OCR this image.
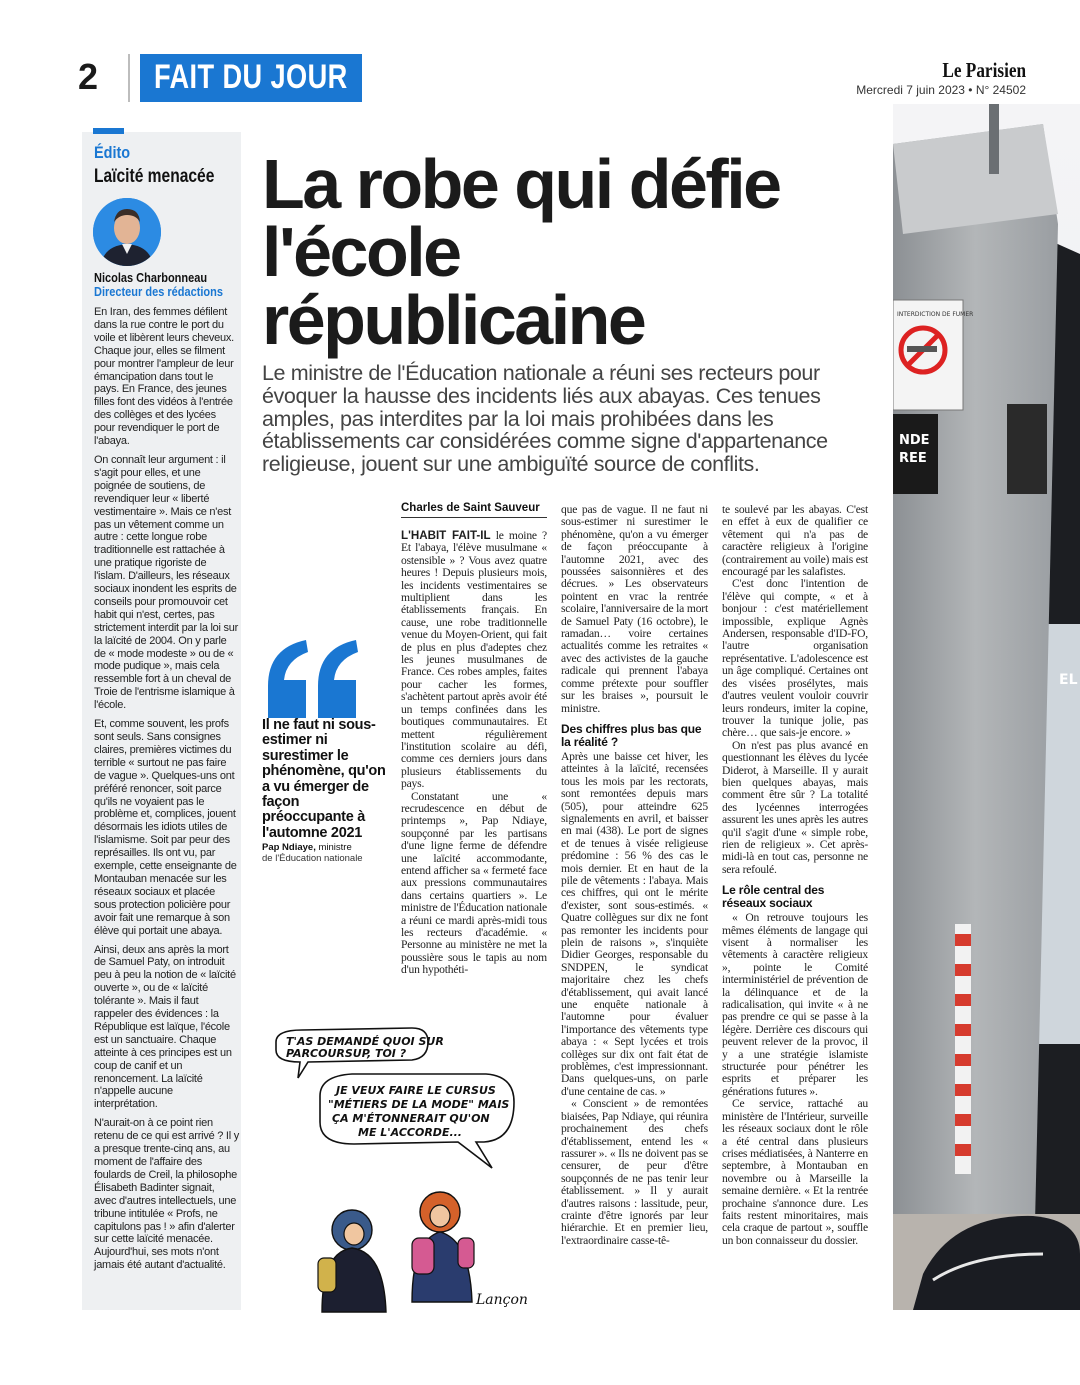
2 FAIT DU JOUR	Le Parisien
Mercredi 7 juin 2023 • N° 24502
Édito
Laïcité menacée
Nicolas Charbonneau
Directeur des rédactions

En Iran, des femmes défilent dans la rue contre le port du voile et libèrent leurs cheveux. Chaque jour, elles se filment pour montrer l'ampleur de leur émancipation dans tout le pays. En France, des jeunes filles font des vidéos à l'entrée des collèges et des lycées pour revendiquer le port de l'abaya.

On connaît leur argument : il s'agit pour elles, et une poignée de soutiens, de revendiquer leur « liberté vestimentaire ». Mais ce n'est pas un vêtement comme un autre : cette longue robe traditionnelle est rattachée à une pratique rigoriste de l'islam. D'ailleurs, les réseaux sociaux inondent les esprits de conseils pour promouvoir cet habit qui n'est, certes, pas strictement interdit par la loi sur la laïcité de 2004. On y parle de « mode modeste » ou de « mode pudique », mais cela ressemble fort à un cheval de Troie de l'entrisme islamique à l'école.

Et, comme souvent, les profs sont seuls. Sans consignes claires, premières victimes du terrible « surtout ne pas faire de vague ». Quelques-uns ont préféré renoncer, soit parce qu'ils ne voyaient pas le problème et, complices, jouent désormais les idiots utiles de l'islamisme. Soit par peur des représailles. Ils ont vu, par exemple, cette enseignante de Montauban menacée sur les réseaux sociaux et placée sous protection policière pour avoir fait une remarque à son élève qui portait une abaya.

Ainsi, deux ans après la mort de Samuel Paty, on introduit peu à peu la notion de « laïcité ouverte », ou de « laïcité tolérante ». Mais il faut rappeler des évidences : la République est laïque, l'école est un sanctuaire. Chaque atteinte à ces principes est un coup de canif et un renoncement. La laïcité n'appelle aucune interprétation.

N'aurait-on à ce point rien retenu de ce qui est arrivé ? Il y a presque trente-cinq ans, au moment de l'affaire des foulards de Creil, la philosophe Élisabeth Badinter signait, avec d'autres intellectuels, une tribune intitulée « Profs, ne capitulons pas ! » afin d'alerter sur cette laïcité menacée. Aujourd'hui, ses mots n'ont jamais été autant d'actualité.

La robe qui défie l'école républicaine
Le ministre de l'Éducation nationale a réuni ses recteurs pour évoquer la hausse des incidents liés aux abayas. Ces tenues amples, pas interdites par la loi mais prohibées dans les établissements car considérées comme signe d'appartenance religieuse, jouent sur une ambiguïté source de conflits.
Il ne faut ni sous-estimer ni surestimer le phénomène, qu'on a vu émerger de façon préoccupante à l'automne 2021
Pap Ndiaye, ministre
de l'Éducation nationale
Charles de Saint Sauveur

L'HABIT FAIT-IL le moine ? Et l'abaya, l'élève musulmane « ostensible » ? Vous avez quatre heures ! Depuis plusieurs mois, les incidents vestimentaires se multiplient dans les établissements français. En cause, une robe traditionnelle venue du Moyen-Orient, qui fait de plus en plus d'adeptes chez les jeunes musulmanes de France. Ces robes amples, faites pour cacher les formes, s'achètent partout après avoir été un temps confinées dans les boutiques communautaires. Et mettent régulièrement l'institution scolaire au défi, comme ces derniers jours dans plusieurs établissements du pays.

Constatant une « recrudescence en début de printemps », Pap Ndiaye, soupçonné par les partisans d'une ligne ferme de défendre une laïcité accommodante, entend afficher sa « fermeté face aux pressions communautaires dans certains quartiers ». Le ministre de l'Éducation nationale a réuni ce mardi après-midi tous les recteurs d'académie. « Personne au ministère ne met la poussière sous le tapis au nom d'un hypothéti-

que pas de vague. Il ne faut ni sous-estimer ni surestimer le phénomène, qu'on a vu émerger de façon préoccupante à l'automne 2021, avec des poussées saisonnières et des décrues. » Les observateurs pointent en vrac la rentrée scolaire, l'anniversaire de la mort de Samuel Paty (16 octobre), le ramadan… voire certaines actualités comme les retraites « avec des activistes de la gauche radicale qui prennent l'abaya comme prétexte pour souffler sur les braises », poursuit le ministre.

Des chiffres plus bas que la réalité ?

Après une baisse cet hiver, les atteintes à la laïcité, recensées tous les mois par les rectorats, sont remontées depuis mars (505), pour atteindre 625 signalements en avril, et baisser en mai (438). Le port de signes et de tenues à visée religieuse prédomine : 56 % des cas le mois dernier. Et en haut de la pile de vêtements : l'abaya. Mais ces chiffres, qui ont le mérite d'exister, sont sous-estimés. « Quatre collègues sur dix ne font pas remonter les incidents pour plein de raisons », s'inquiète Didier Georges, responsable du SNDPEN, le syndicat majoritaire chez les chefs d'établissement, qui avait lancé une enquête nationale à l'automne pour évaluer l'importance des vêtements type abaya : « Sept lycées et trois collèges sur dix ont fait état de problèmes, c'est impressionnant. Dans quelques-uns, on parle d'une centaine de cas. »

« Conscient » de remontées biaisées, Pap Ndiaye, qui réunira prochainement des chefs d'établissement, entend les « rassurer ». « Ils ne doivent pas se censurer, de peur d'être soupçonnés de ne pas tenir leur établissement. » Il y aurait d'autres raisons : lassitude, peur, crainte d'être ignorés par leur hiérarchie. Et en premier lieu, l'extraordinaire casse-tê-

te soulevé par les abayas. C'est en effet à eux de qualifier ce vêtement qui n'a pas de caractère religieux à l'origine (contrairement au voile) mais est encouragé par les salafistes.

C'est donc l'intention de l'élève qui compte, « et à bonjour : c'est matériellement impossible, explique Agnès Andersen, responsable d'ID-FO, l'autre organisation représentative. L'adolescence est un âge compliqué. Certaines ont des visées prosélytes, mais d'autres veulent vouloir couvrir leurs rondeurs, imiter la copine, trouver la tunique jolie, pas chère… que sais-je encore. »

On n'est pas plus avancé en questionnant les élèves du lycée Diderot, à Marseille. Il y aurait bien quelques abayas, mais comment être sûr ? La totalité des lycéennes interrogées assurent les unes après les autres qu'il s'agit d'une « simple robe, rien de religieux ». Cet après-midi-là en tout cas, personne ne sera refoulé.

Le rôle central des réseaux sociaux

« On retrouve toujours les mêmes éléments de langage qui visent à normaliser les vêtements à caractère religieux », pointe le Comité interministériel de prévention de la délinquance et de la radicalisation, qui invite « à ne pas prendre ce qui se passe à la légère. Derrière ces discours qui peuvent relever de la provoc, il y a une stratégie islamiste structurée pour pénétrer les esprits et préparer les générations futures ».

Ce service, rattaché au ministère de l'Intérieur, surveille les réseaux sociaux dont le rôle a été central dans plusieurs crises médiatisées, à Nanterre en septembre, à Montauban en novembre ou à Marseille la semaine dernière. « Et la rentrée prochaine s'annonce dure. Les faits restent minoritaires, mais cela craque de partout », souffle un bon connaisseur du dossier.

T'AS DEMANDÉ QUOI SUR
PARCOURSUP, TOI ?
JE VEUX FAIRE LE CURSUS
"MÉTIERS DE LA MODE" MAIS
ÇA M'ÉTONNERAIT QU'ON
ME L'ACCORDE...
Lançon
INTERDICTION DE FUMER
NDE
REE
EL
